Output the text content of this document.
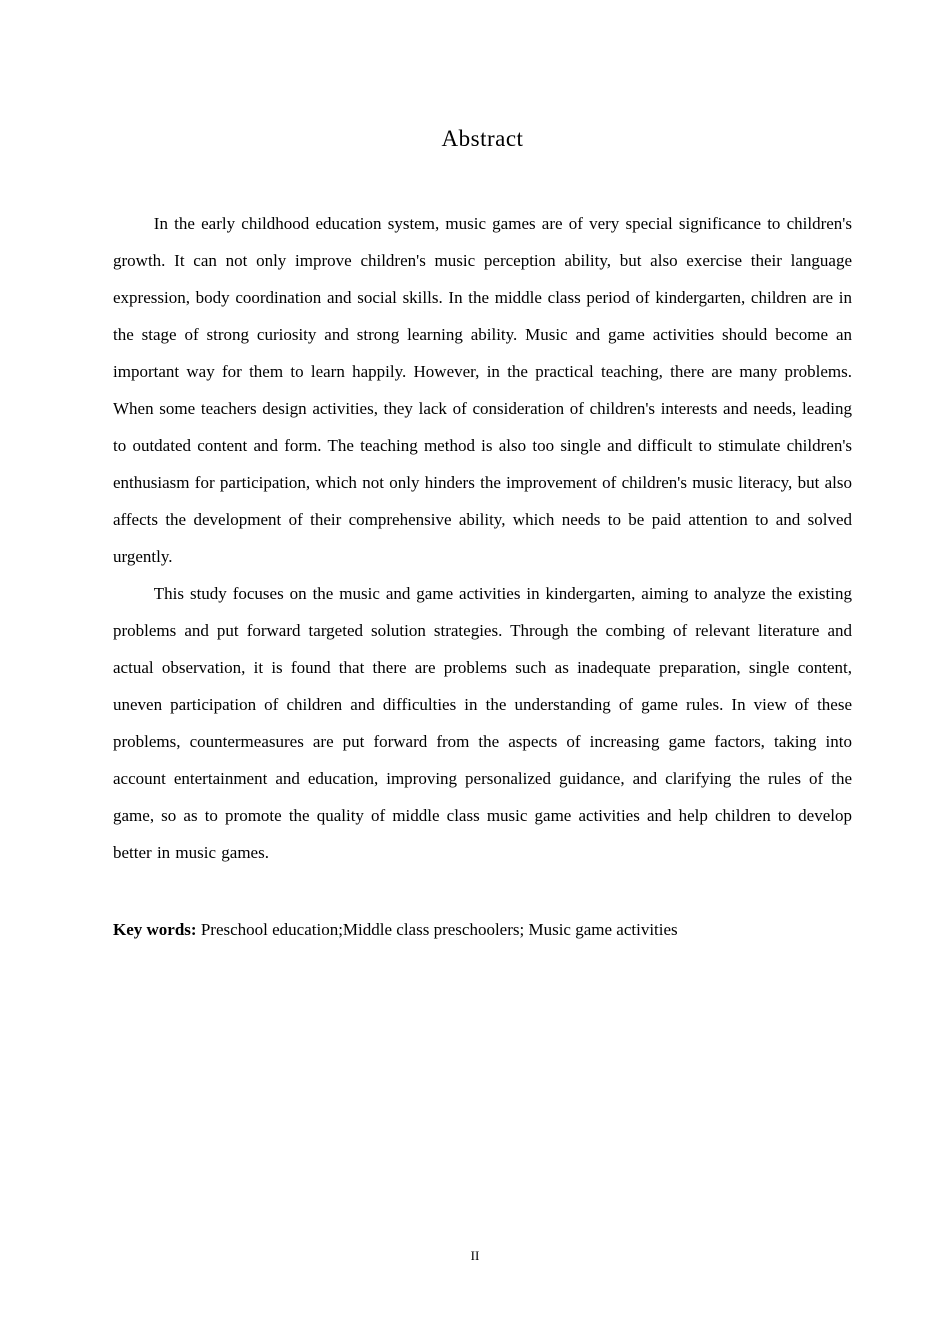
Abstract

In the early childhood education system, music games are of very special significance to children's growth. It can not only improve children's music perception ability, but also exercise their language expression, body coordination and social skills. In the middle class period of kindergarten, children are in the stage of strong curiosity and strong learning ability. Music and game activities should become an important way for them to learn happily. However, in the practical teaching, there are many problems. When some teachers design activities, they lack of consideration of children's interests and needs, leading to outdated content and form. The teaching method is also too single and difficult to stimulate children's enthusiasm for participation, which not only hinders the improvement of children's music literacy, but also affects the development of their comprehensive ability, which needs to be paid attention to and solved urgently.

This study focuses on the music and game activities in kindergarten, aiming to analyze the existing problems and put forward targeted solution strategies. Through the combing of relevant literature and actual observation, it is found that there are problems such as inadequate preparation, single content, uneven participation of children and difficulties in the understanding of game rules. In view of these problems, countermeasures are put forward from the aspects of increasing game factors, taking into account entertainment and education, improving personalized guidance, and clarifying the rules of the game, so as to promote the quality of middle class music game activities and help children to develop better in music games.

Key words: Preschool education;Middle class preschoolers; Music game activities
II
